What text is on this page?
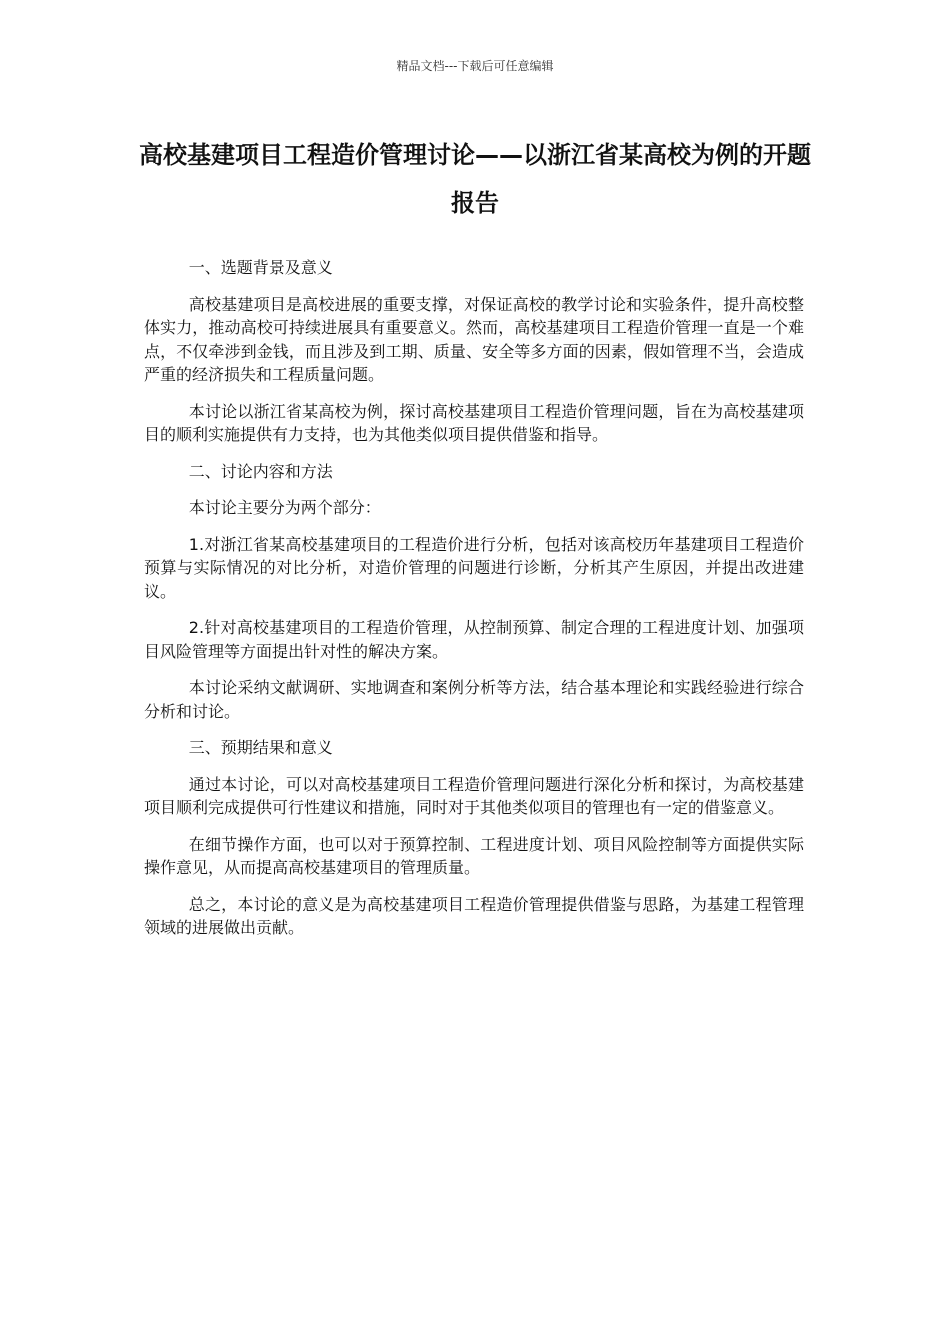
精品文档---下载后可任意编辑
高校基建项目工程造价管理讨论——以浙江省某高校为例的开题报告
一、选题背景及意义

高校基建项目是高校进展的重要支撑，对保证高校的教学讨论和实验条件，提升高校整体实力，推动高校可持续进展具有重要意义。然而，高校基建项目工程造价管理一直是一个难点，不仅牵涉到金钱，而且涉及到工期、质量、安全等多方面的因素，假如管理不当，会造成严重的经济损失和工程质量问题。

本讨论以浙江省某高校为例，探讨高校基建项目工程造价管理问题，旨在为高校基建项目的顺利实施提供有力支持，也为其他类似项目提供借鉴和指导。

二、讨论内容和方法

本讨论主要分为两个部分：

1.对浙江省某高校基建项目的工程造价进行分析，包括对该高校历年基建项目工程造价预算与实际情况的对比分析，对造价管理的问题进行诊断，分析其产生原因，并提出改进建议。

2.针对高校基建项目的工程造价管理，从控制预算、制定合理的工程进度计划、加强项目风险管理等方面提出针对性的解决方案。

本讨论采纳文献调研、实地调查和案例分析等方法，结合基本理论和实践经验进行综合分析和讨论。

三、预期结果和意义

通过本讨论，可以对高校基建项目工程造价管理问题进行深化分析和探讨，为高校基建项目顺利完成提供可行性建议和措施，同时对于其他类似项目的管理也有一定的借鉴意义。

在细节操作方面，也可以对于预算控制、工程进度计划、项目风险控制等方面提供实际操作意见，从而提高高校基建项目的管理质量。

总之，本讨论的意义是为高校基建项目工程造价管理提供借鉴与思路，为基建工程管理领域的进展做出贡献。
